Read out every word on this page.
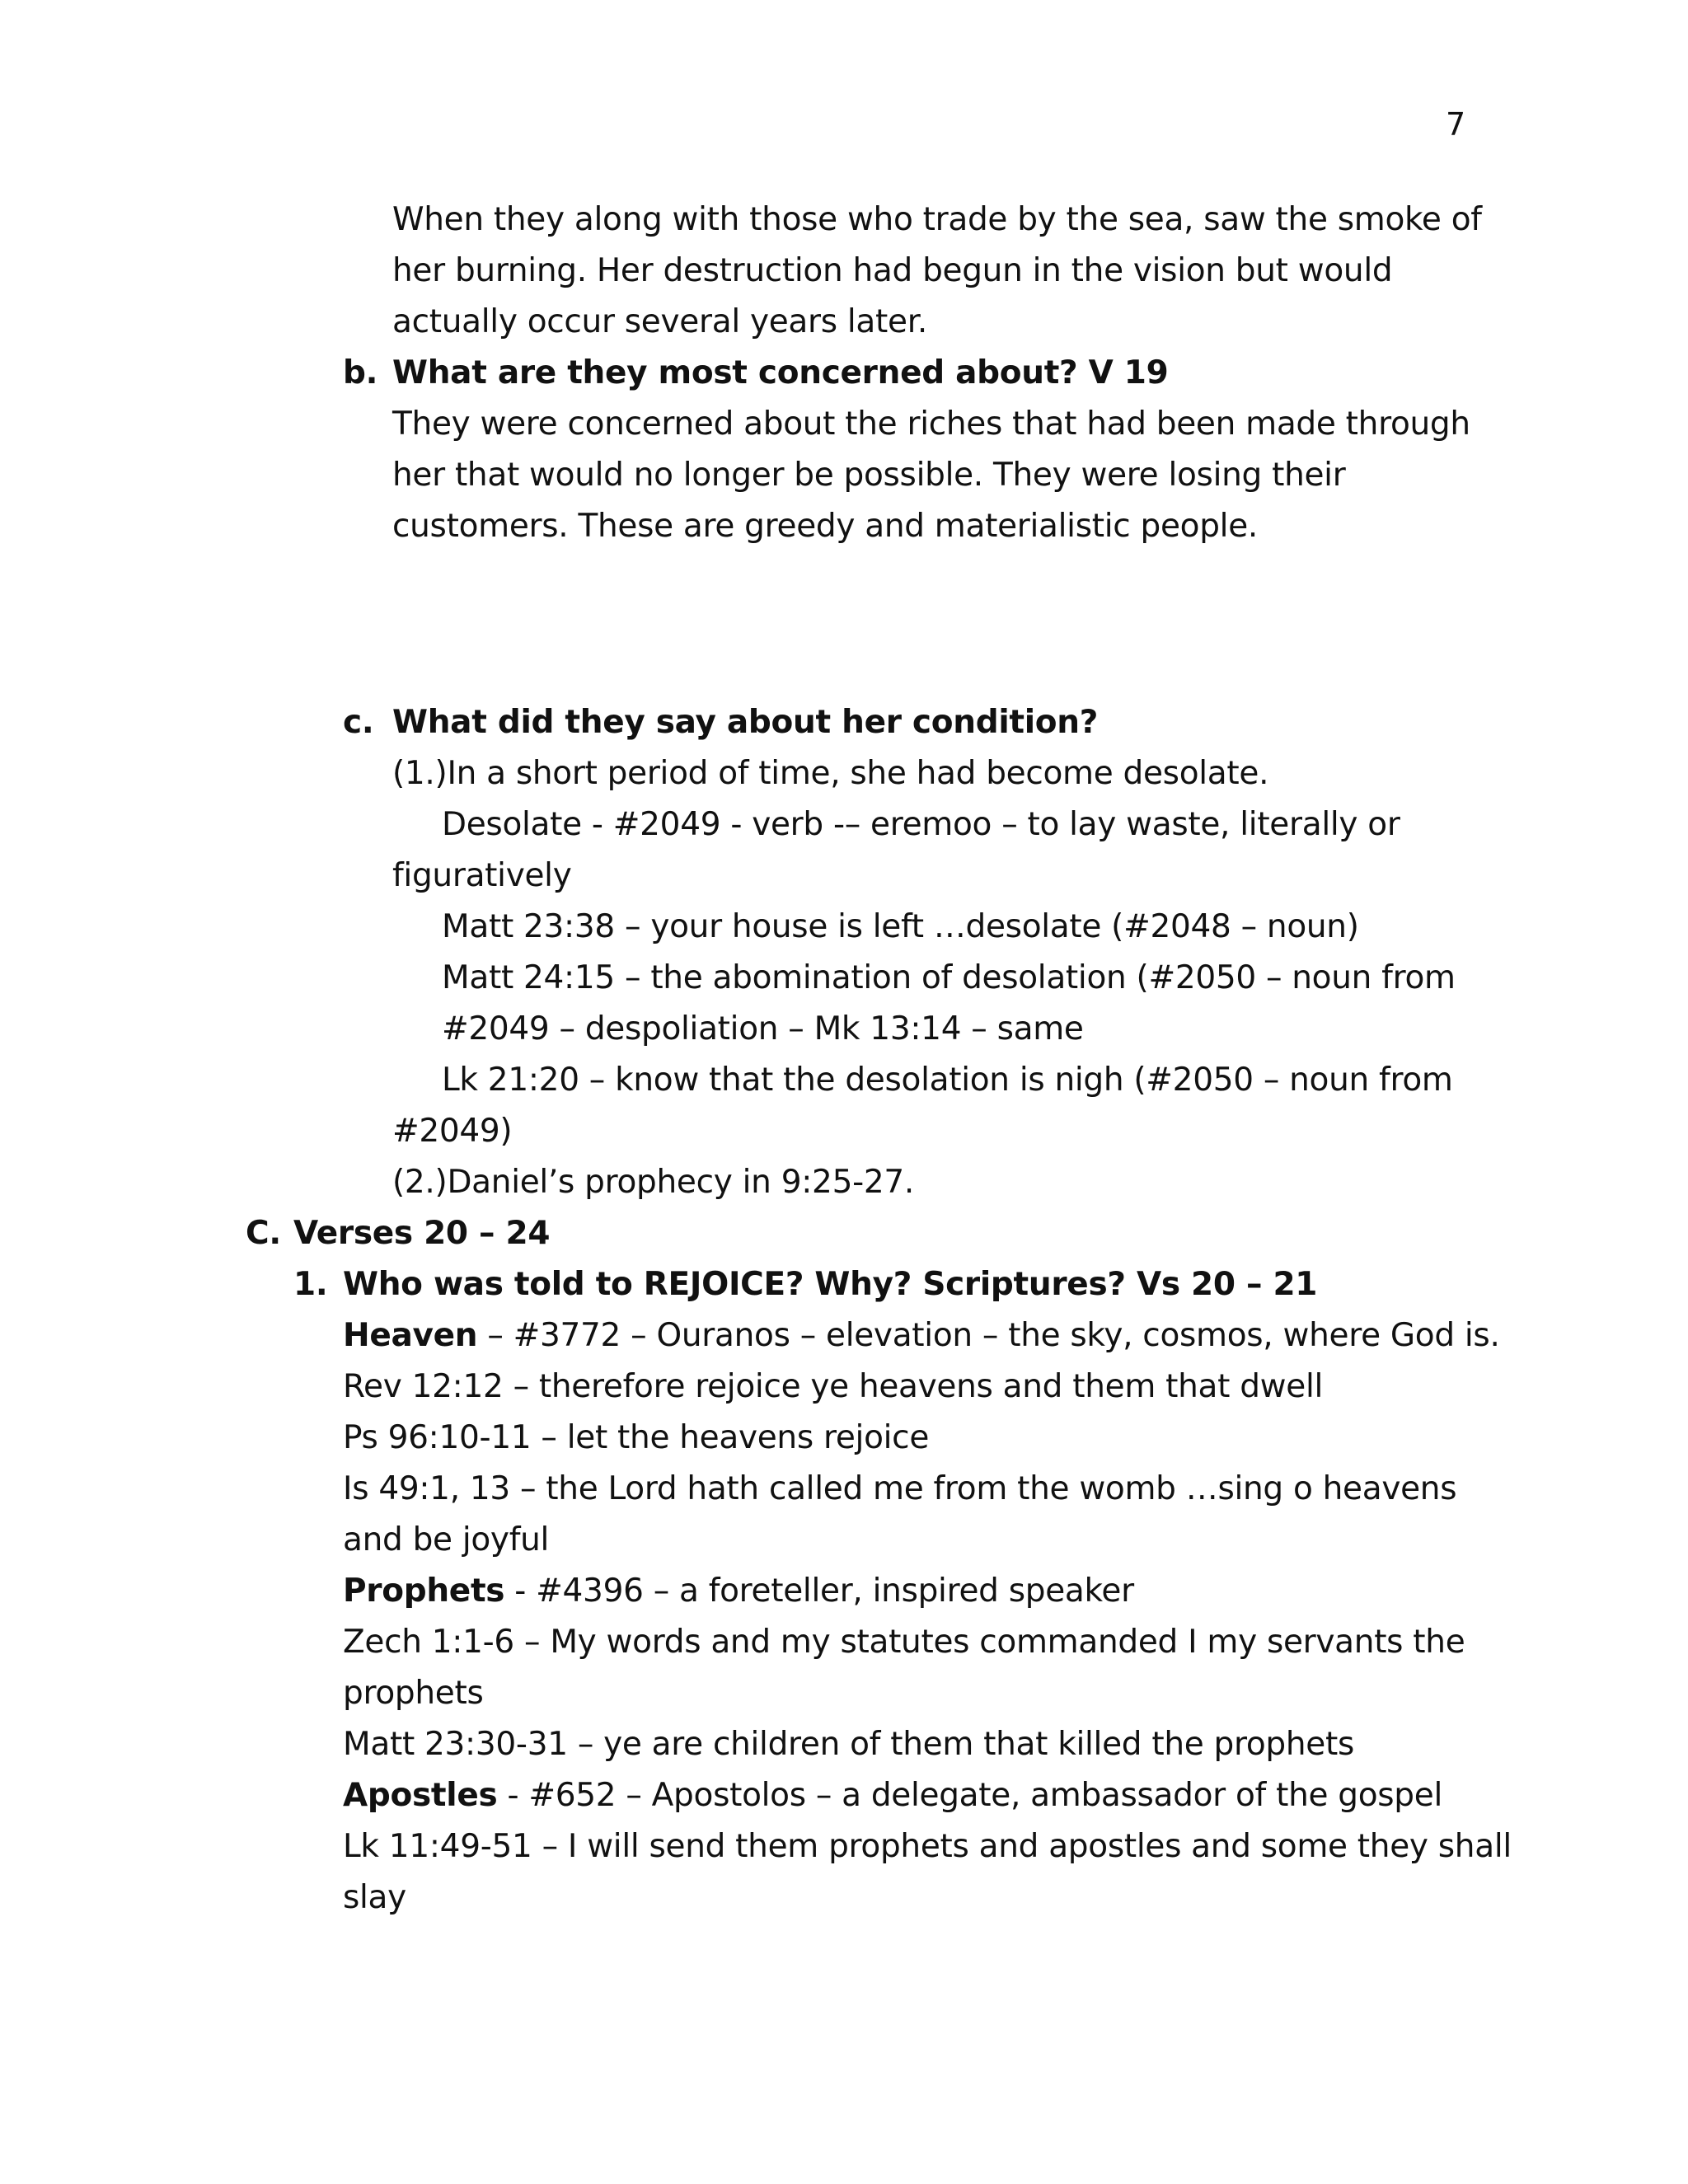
7
When they along with those who trade by the sea, saw the smoke of
her burning. Her destruction had begun in the vision but would
actually occur several years later.
b. What are they most concerned about? V 19
They were concerned about the riches that had been made through
her that would no longer be possible. They were losing their
customers. These are greedy and materialistic people.
c. What did they say about her condition?
(1.)In a short period of time, she had become desolate.
Desolate - #2049 - verb -– eremoo – to lay waste, literally or
figuratively
Matt 23:38 – your house is left …desolate (#2048 – noun)
Matt 24:15 – the abomination of desolation (#2050 – noun from
#2049 – despoliation – Mk 13:14 – same
Lk 21:20 – know that the desolation is nigh (#2050 – noun from
#2049)
(2.)Daniel’s prophecy in 9:25-27.
C. Verses 20 – 24
1. Who was told to REJOICE? Why? Scriptures? Vs 20 – 21
Heaven – #3772 – Ouranos – elevation – the sky, cosmos, where God is.
Rev 12:12 – therefore rejoice ye heavens and them that dwell
Ps 96:10-11 – let the heavens rejoice
Is 49:1, 13 – the Lord hath called me from the womb …sing o heavens
and be joyful
Prophets - #4396 – a foreteller, inspired speaker
Zech 1:1-6 – My words and my statutes commanded I my servants the
prophets
Matt 23:30-31 – ye are children of them that killed the prophets
Apostles - #652 – Apostolos – a delegate, ambassador of the gospel
Lk 11:49-51 – I will send them prophets and apostles and some they shall
slay
